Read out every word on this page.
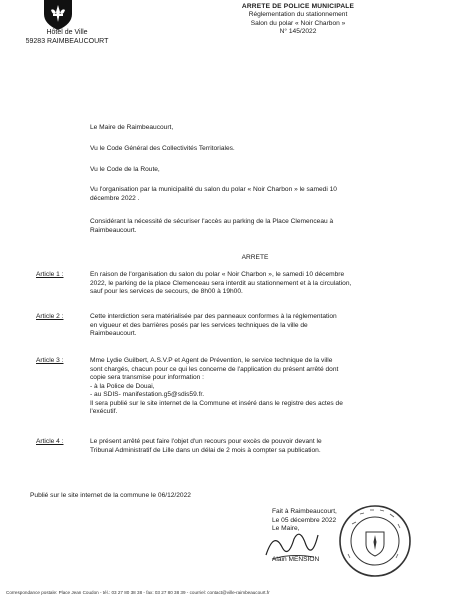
Hôtel de Ville
59283 RAIMBEAUCOURT
ARRETE DE POLICE MUNICIPALE
Réglementation du stationnement
Salon du polar « Noir Charbon »
N° 145/2022
Le Maire de Raimbeaucourt,
Vu le Code Général des Collectivités Territoriales.
Vu le Code de la Route,
Vu l'organisation par la municipalité du salon du polar « Noir Charbon » le samedi 10
décembre 2022 .
Considérant la nécessité de sécuriser l'accès au parking de la Place Clemenceau à
Raimbeaucourt.
ARRETE
Article 1 :	En raison de l'organisation du salon du polar « Noir Charbon », le samedi 10 décembre
2022, le parking de la place Clemenceau sera interdit au stationnement et à la circulation,
sauf pour les services de secours, de 8h00 à 19h00.
Article 2 :	Cette interdiction sera matérialisée par des panneaux conformes à la réglementation
en vigueur et des barrières posés par les services techniques de la ville de
Raimbeaucourt.
Article 3 :	Mme Lydie Guilbert, A.S.V.P et Agent de Prévention, le service technique de la ville
sont chargés, chacun pour ce qui les concerne de l'application du présent arrêté dont
copie sera transmise pour information :
- à la Police de Douai,
- au SDIS- manifestation.g5@sdis59.fr.
Il sera publié sur le site internet de la Commune et inséré dans le registre des actes de
l'exécutif.
Article 4 :	Le présent arrêté peut faire l'objet d'un recours pour excès de pouvoir devant le
Tribunal Administratif de Lille dans un délai de 2 mois à compter sa publication.
Publié sur le site internet de la commune le 06/12/2022
Fait à Raimbeaucourt,
Le 05 décembre 2022
Le Maire,
Alain MENSION
Correspondance postale: Place Jean Coudon - tél.: 03 27 80 38 38 - fax: 03 27 80 38 39 - courriel: contact@ville-raimbeaucourt.fr
